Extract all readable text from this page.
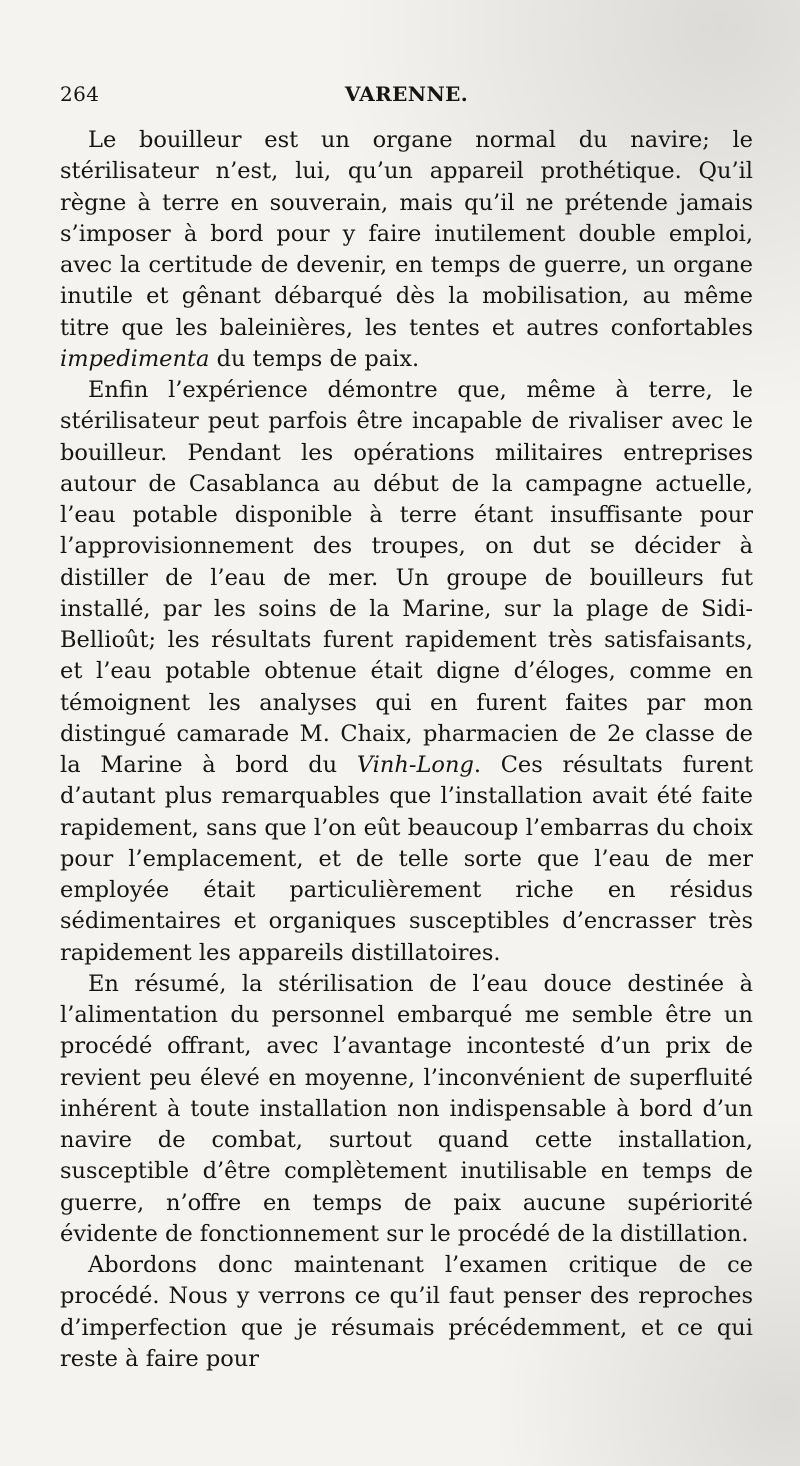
264	VARENNE.

Le bouilleur est un organe normal du navire; le stérilisateur n’est, lui, qu’un appareil prothétique. Qu’il règne à terre en souverain, mais qu’il ne prétende jamais s’imposer à bord pour y faire inutilement double emploi, avec la certitude de devenir, en temps de guerre, un organe inutile et gênant débarqué dès la mobilisation, au même titre que les baleinières, les tentes et autres confortables impedimenta du temps de paix.

Enfin l’expérience démontre que, même à terre, le stérilisateur peut parfois être incapable de rivaliser avec le bouilleur. Pendant les opérations militaires entreprises autour de Casablanca au début de la campagne actuelle, l’eau potable disponible à terre étant insuffisante pour l’approvisionnement des troupes, on dut se décider à distiller de l’eau de mer. Un groupe de bouilleurs fut installé, par les soins de la Marine, sur la plage de Sidi-Bellioût; les résultats furent rapidement très satisfaisants, et l’eau potable obtenue était digne d’éloges, comme en témoignent les analyses qui en furent faites par mon distingué camarade M. Chaix, pharmacien de 2e classe de la Marine à bord du Vinh-Long. Ces résultats furent d’autant plus remarquables que l’installation avait été faite rapidement, sans que l’on eût beaucoup l’embarras du choix pour l’emplacement, et de telle sorte que l’eau de mer employée était particulièrement riche en résidus sédimentaires et organiques susceptibles d’encrasser très rapidement les appareils distillatoires.

En résumé, la stérilisation de l’eau douce destinée à l’alimentation du personnel embarqué me semble être un procédé offrant, avec l’avantage incontesté d’un prix de revient peu élevé en moyenne, l’inconvénient de superfluité inhérent à toute installation non indispensable à bord d’un navire de combat, surtout quand cette installation, susceptible d’être complètement inutilisable en temps de guerre, n’offre en temps de paix aucune supériorité évidente de fonctionnement sur le procédé de la distillation.

Abordons donc maintenant l’examen critique de ce procédé. Nous y verrons ce qu’il faut penser des reproches d’imperfection que je résumais précédemment, et ce qui reste à faire pour
